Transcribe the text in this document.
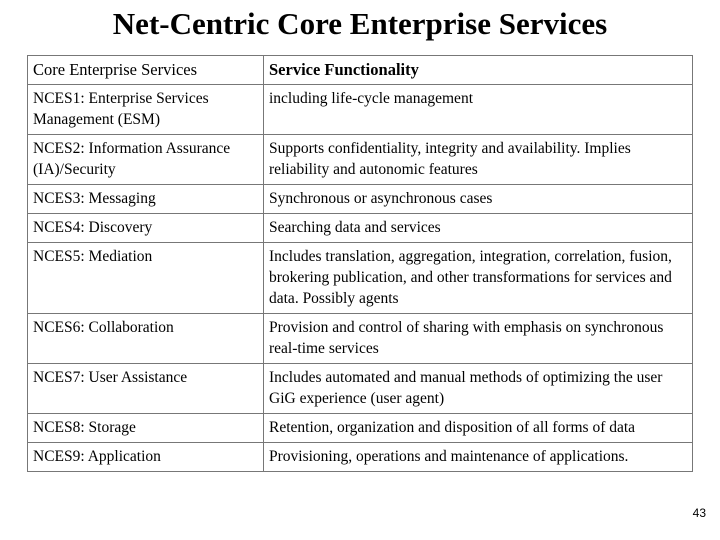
Net-Centric Core Enterprise Services
Core Enterprise Services	Service Functionality
NCES1: Enterprise Services Management (ESM)	including life-cycle management
NCES2: Information Assurance (IA)/Security	Supports confidentiality, integrity and availability. Implies reliability and autonomic features
NCES3: Messaging	Synchronous or asynchronous cases
NCES4: Discovery	Searching data and services
NCES5: Mediation	Includes translation, aggregation, integration, correlation, fusion, brokering publication, and other transformations for services and data. Possibly agents
NCES6: Collaboration	Provision and control of sharing with emphasis on synchronous real-time services
NCES7: User Assistance	Includes automated and manual methods of optimizing the user GiG experience (user agent)
NCES8: Storage	Retention, organization and disposition of all forms of data
NCES9: Application	Provisioning, operations and maintenance of applications.
43
